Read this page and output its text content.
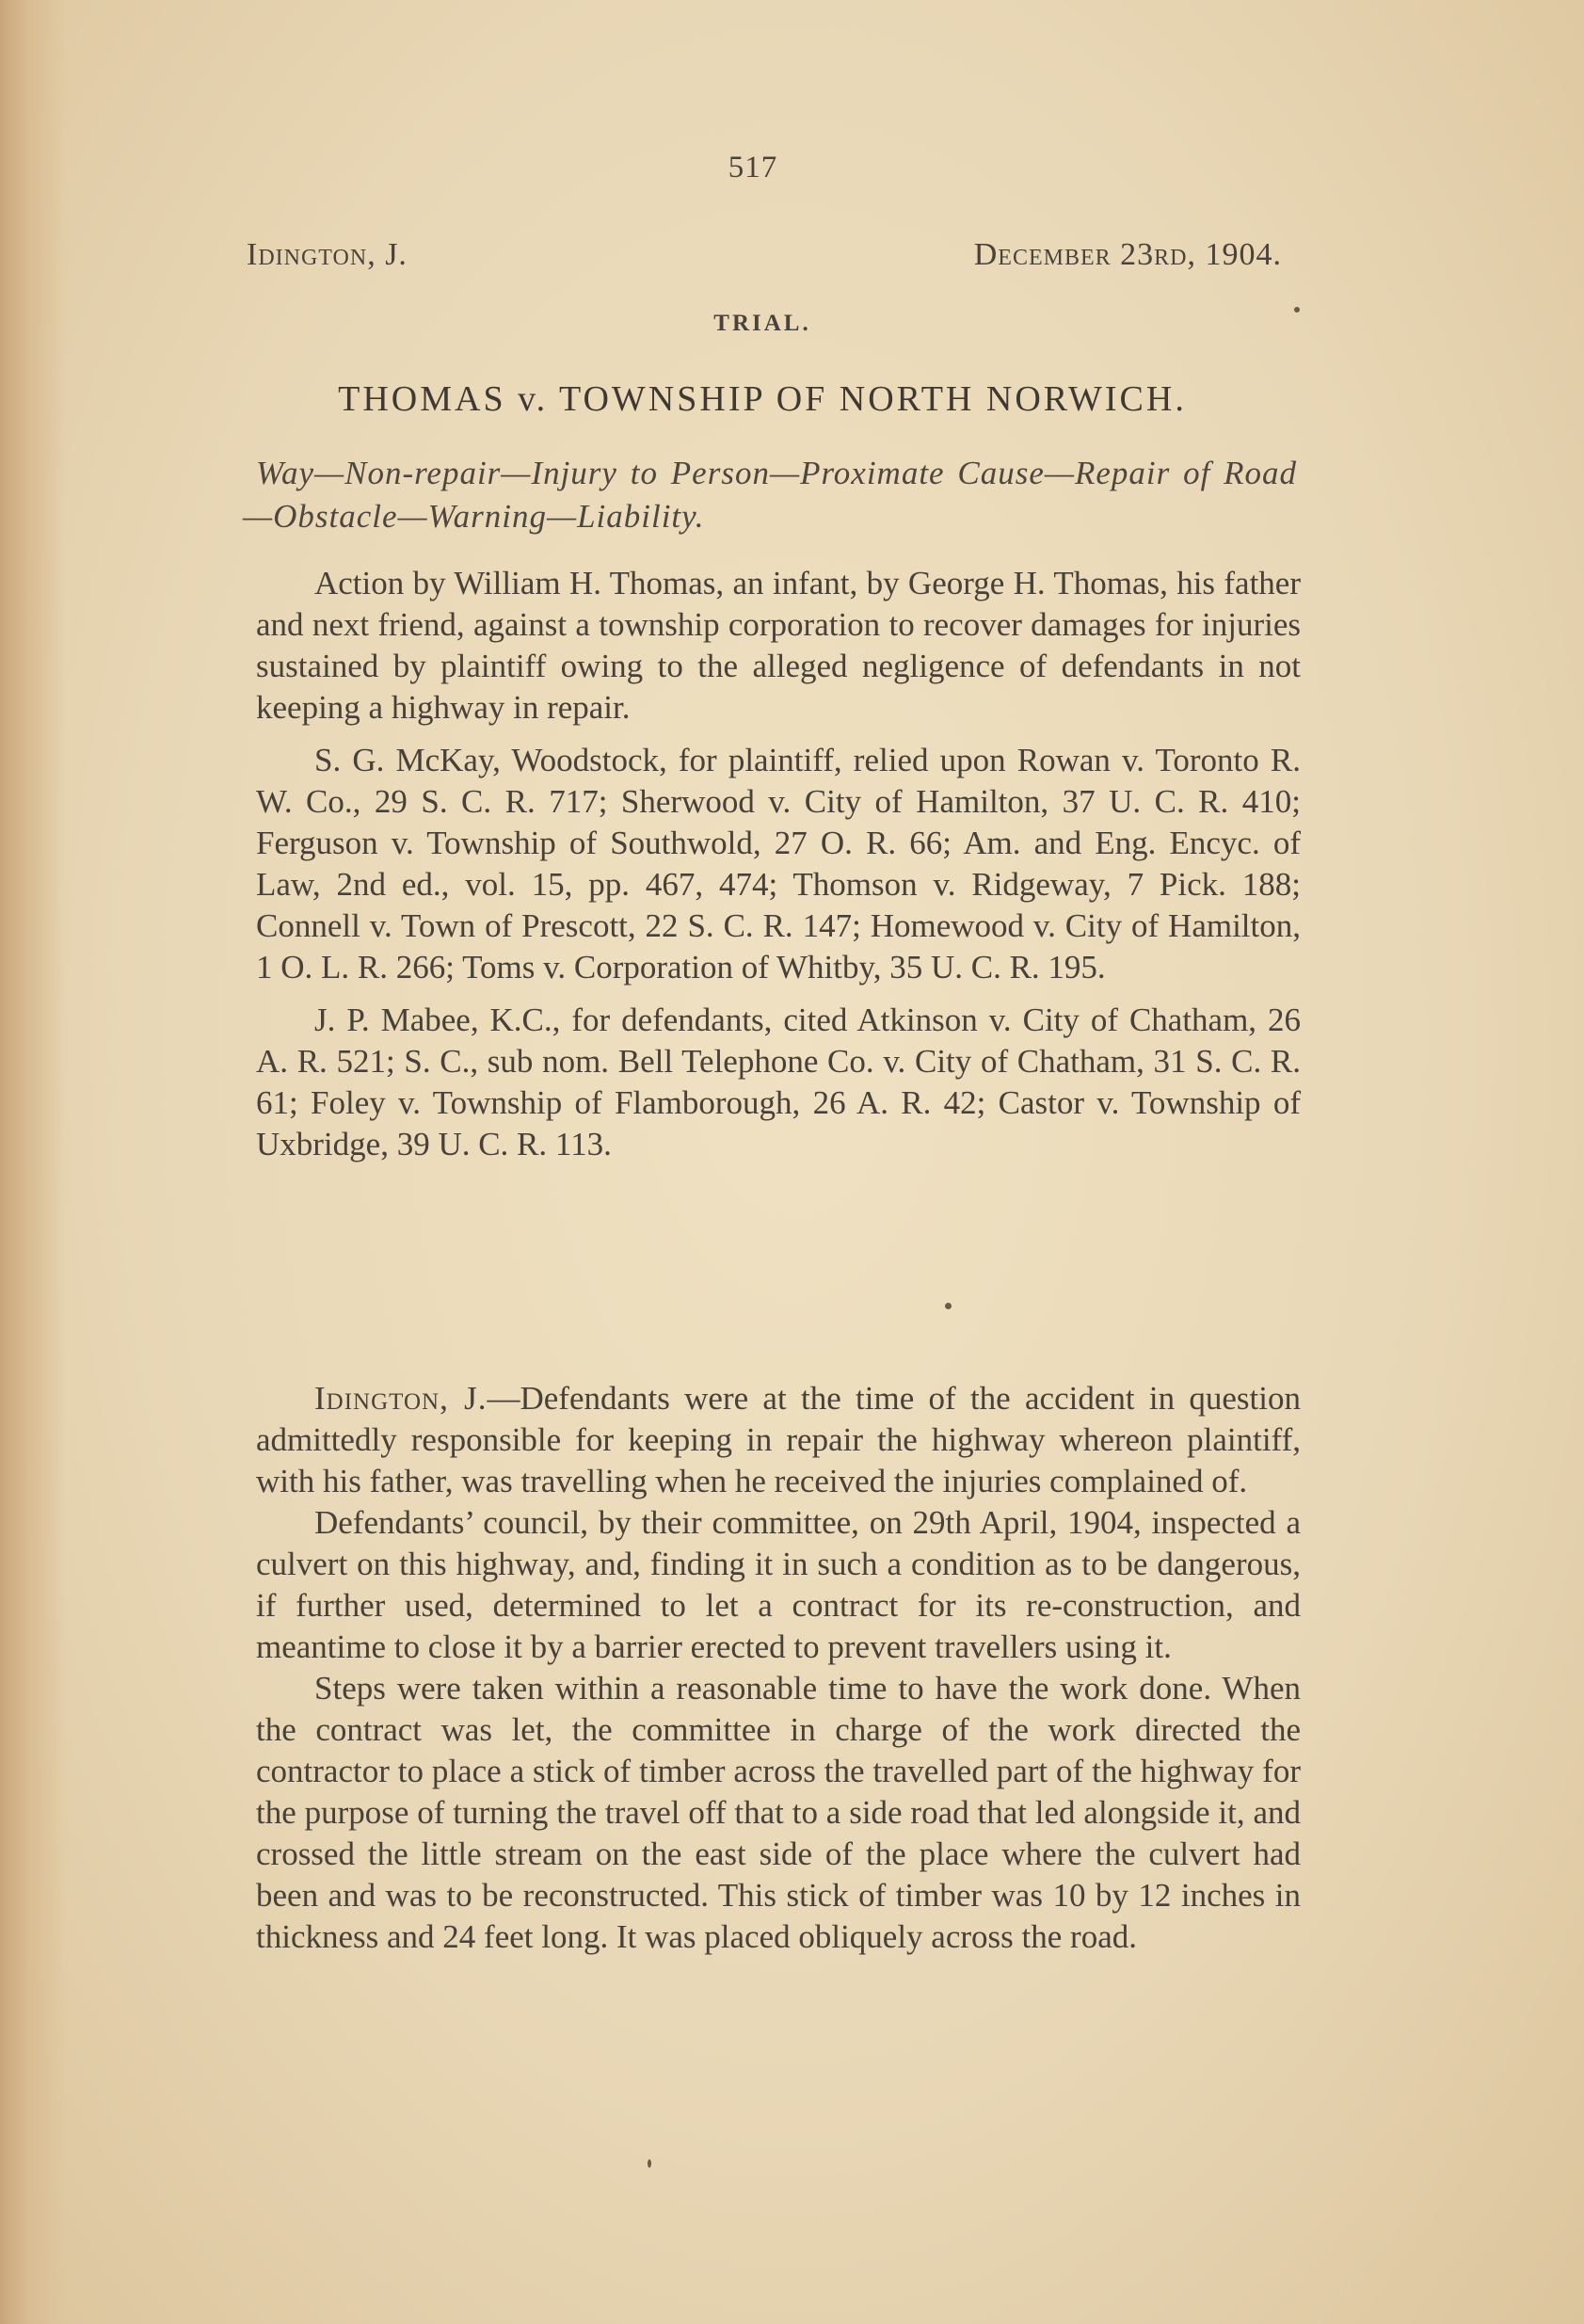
517
Idington, J.	December 23rd, 1904.
TRIAL.
THOMAS v. TOWNSHIP OF NORTH NORWICH.
Way—Non-repair—Injury to Person—Proximate Cause—Repair of Road—Obstacle—Warning—Liability.

Action by William H. Thomas, an infant, by George H. Thomas, his father and next friend, against a township corporation to recover damages for injuries sustained by plaintiff owing to the alleged negligence of defendants in not keeping a highway in repair.

S. G. McKay, Woodstock, for plaintiff, relied upon Rowan v. Toronto R. W. Co., 29 S. C. R. 717; Sherwood v. City of Hamilton, 37 U. C. R. 410; Ferguson v. Township of Southwold, 27 O. R. 66; Am. and Eng. Encyc. of Law, 2nd ed., vol. 15, pp. 467, 474; Thomson v. Ridgeway, 7 Pick. 188; Connell v. Town of Prescott, 22 S. C. R. 147; Homewood v. City of Hamilton, 1 O. L. R. 266; Toms v. Corporation of Whitby, 35 U. C. R. 195.

J. P. Mabee, K.C., for defendants, cited Atkinson v. City of Chatham, 26 A. R. 521; S. C., sub nom. Bell Telephone Co. v. City of Chatham, 31 S. C. R. 61; Foley v. Township of Flamborough, 26 A. R. 42; Castor v. Township of Uxbridge, 39 U. C. R. 113.

Idington, J.—Defendants were at the time of the accident in question admittedly responsible for keeping in repair the highway whereon plaintiff, with his father, was travelling when he received the injuries complained of.

Defendants’ council, by their committee, on 29th April, 1904, inspected a culvert on this highway, and, finding it in such a condition as to be dangerous, if further used, determined to let a contract for its re-construction, and meantime to close it by a barrier erected to prevent travellers using it.

Steps were taken within a reasonable time to have the work done. When the contract was let, the committee in charge of the work directed the contractor to place a stick of timber across the travelled part of the highway for the purpose of turning the travel off that to a side road that led alongside it, and crossed the little stream on the east side of the place where the culvert had been and was to be reconstructed. This stick of timber was 10 by 12 inches in thickness and 24 feet long. It was placed obliquely across the road.
